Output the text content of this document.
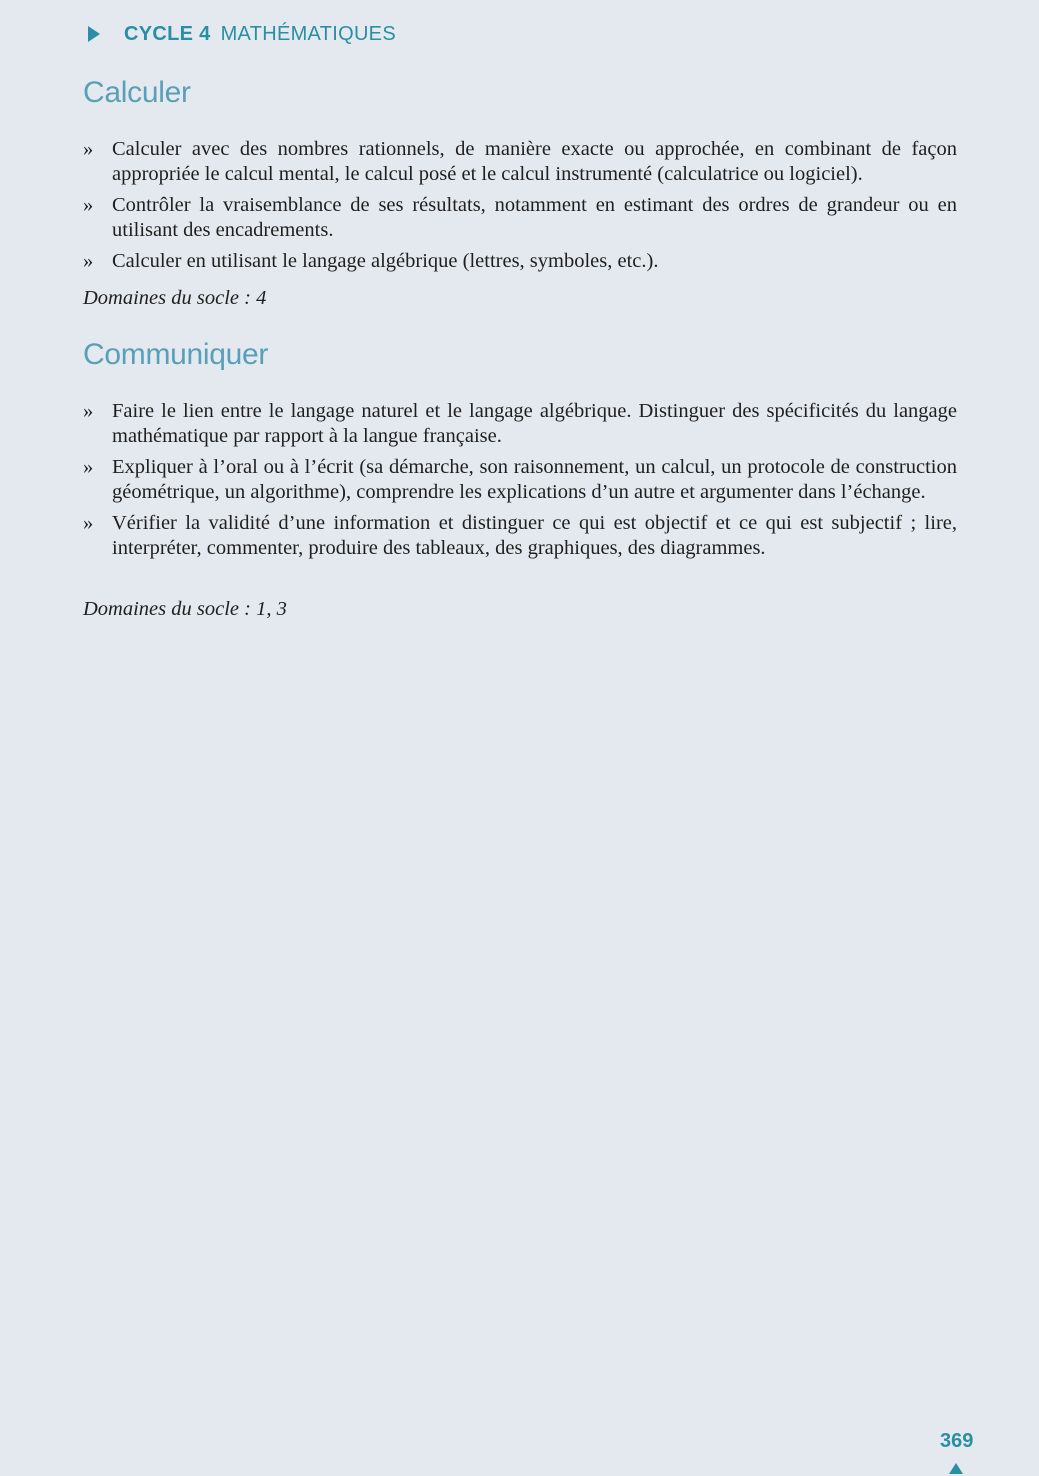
CYCLE 4 MATHÉMATIQUES
Calculer
» Calculer avec des nombres rationnels, de manière exacte ou approchée, en combinant de façon appropriée le calcul mental, le calcul posé et le calcul instrumenté (calculatrice ou logiciel).
» Contrôler la vraisemblance de ses résultats, notamment en estimant des ordres de grandeur ou en utilisant des encadrements.
» Calculer en utilisant le langage algébrique (lettres, symboles, etc.).
Domaines du socle : 4
Communiquer
» Faire le lien entre le langage naturel et le langage algébrique. Distinguer des spécificités du langage mathématique par rapport à la langue française.
» Expliquer à l’oral ou à l’écrit (sa démarche, son raisonnement, un calcul, un protocole de construction géométrique, un algorithme), comprendre les explications d’un autre et argumenter dans l’échange.
» Vérifier la validité d’une information et distinguer ce qui est objectif et ce qui est subjectif ; lire, interpréter, commenter, produire des tableaux, des graphiques, des diagrammes.
Domaines du socle : 1, 3
369
